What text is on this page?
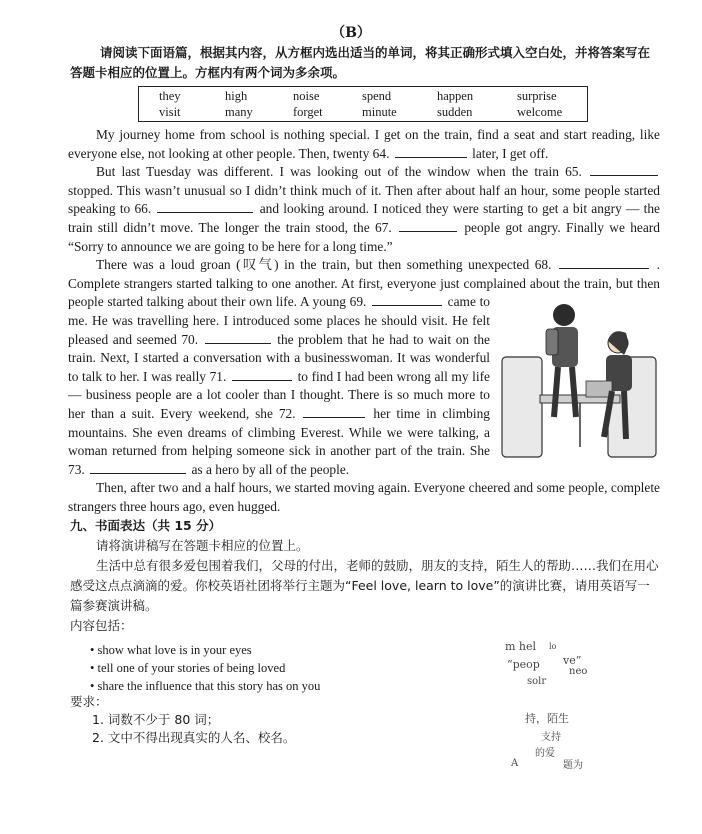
（B）
请阅读下面语篇，根据其内容，从方框内选出适当的单词，将其正确形式填入空白处，并将答案写在答题卡相应的位置上。方框内有两个词为多余项。
they	high	noise	spend	happen	surprise
visit	many	forget	minute	sudden	welcome

My journey home from school is nothing special. I get on the train, find a seat and start reading, like everyone else, not looking at other people. Then, twenty 64.	later, I get off.

But last Tuesday was different. I was looking out of the window when the train 65.  stopped. This wasn’t unusual so I didn’t think much of it. Then after about half an hour, some people started speaking to 66.	and looking around. I noticed they were starting to get a bit angry — the train still didn’t move. The longer the train stood, the 67.	people got angry. Finally we heard “Sorry to announce we are going to be here for a long time.”

There was a loud groan (叹气) in the train, but then something unexpected 68.	. Complete strangers started talking to one another. At first, everyone just complained about the train, but then people started talking about their own life. A young 69.	came to me. He was travelling here. I introduced some places he should visit. He felt pleased and seemed 70.	the problem that he had to wait on the train. Next, I started a conversation with a businesswoman. It was wonderful to talk to her. I was really 71.	to find I had been wrong all my life — business people are a lot cooler than I thought. There is so much more to her than a suit. Every weekend, she 72.	her time in climbing mountains. She even dreams of climbing Everest. While we were talking, a woman returned from helping someone sick in another part of the train. She 73.	as a hero by all of the people.

Then, after two and a half hours, we started moving again. Everyone cheered and some people, complete strangers three hours ago, even hugged.

九、书面表达（共 15 分）
请将演讲稿写在答题卡相应的位置上。
生活中总有很多爱包围着我们，父母的付出，老师的鼓励，朋友的支持，陌生人的帮助……我们在用心感受这点点滴滴的爱。你校英语社团将举行主题为“Feel love, learn to love”的演讲比赛，请用英语写一篇参赛演讲稿。
内容包括：
• show what love is in your eyes
• tell one of your stories of being loved
• share the influence that this story has on you
要求：
1. 词数不少于 80 词；
2. 文中不得出现真实的人名、校名。
m hel lo
ve”
“peop
neo
solr
持，陌生
支持
的爱
A	题为
